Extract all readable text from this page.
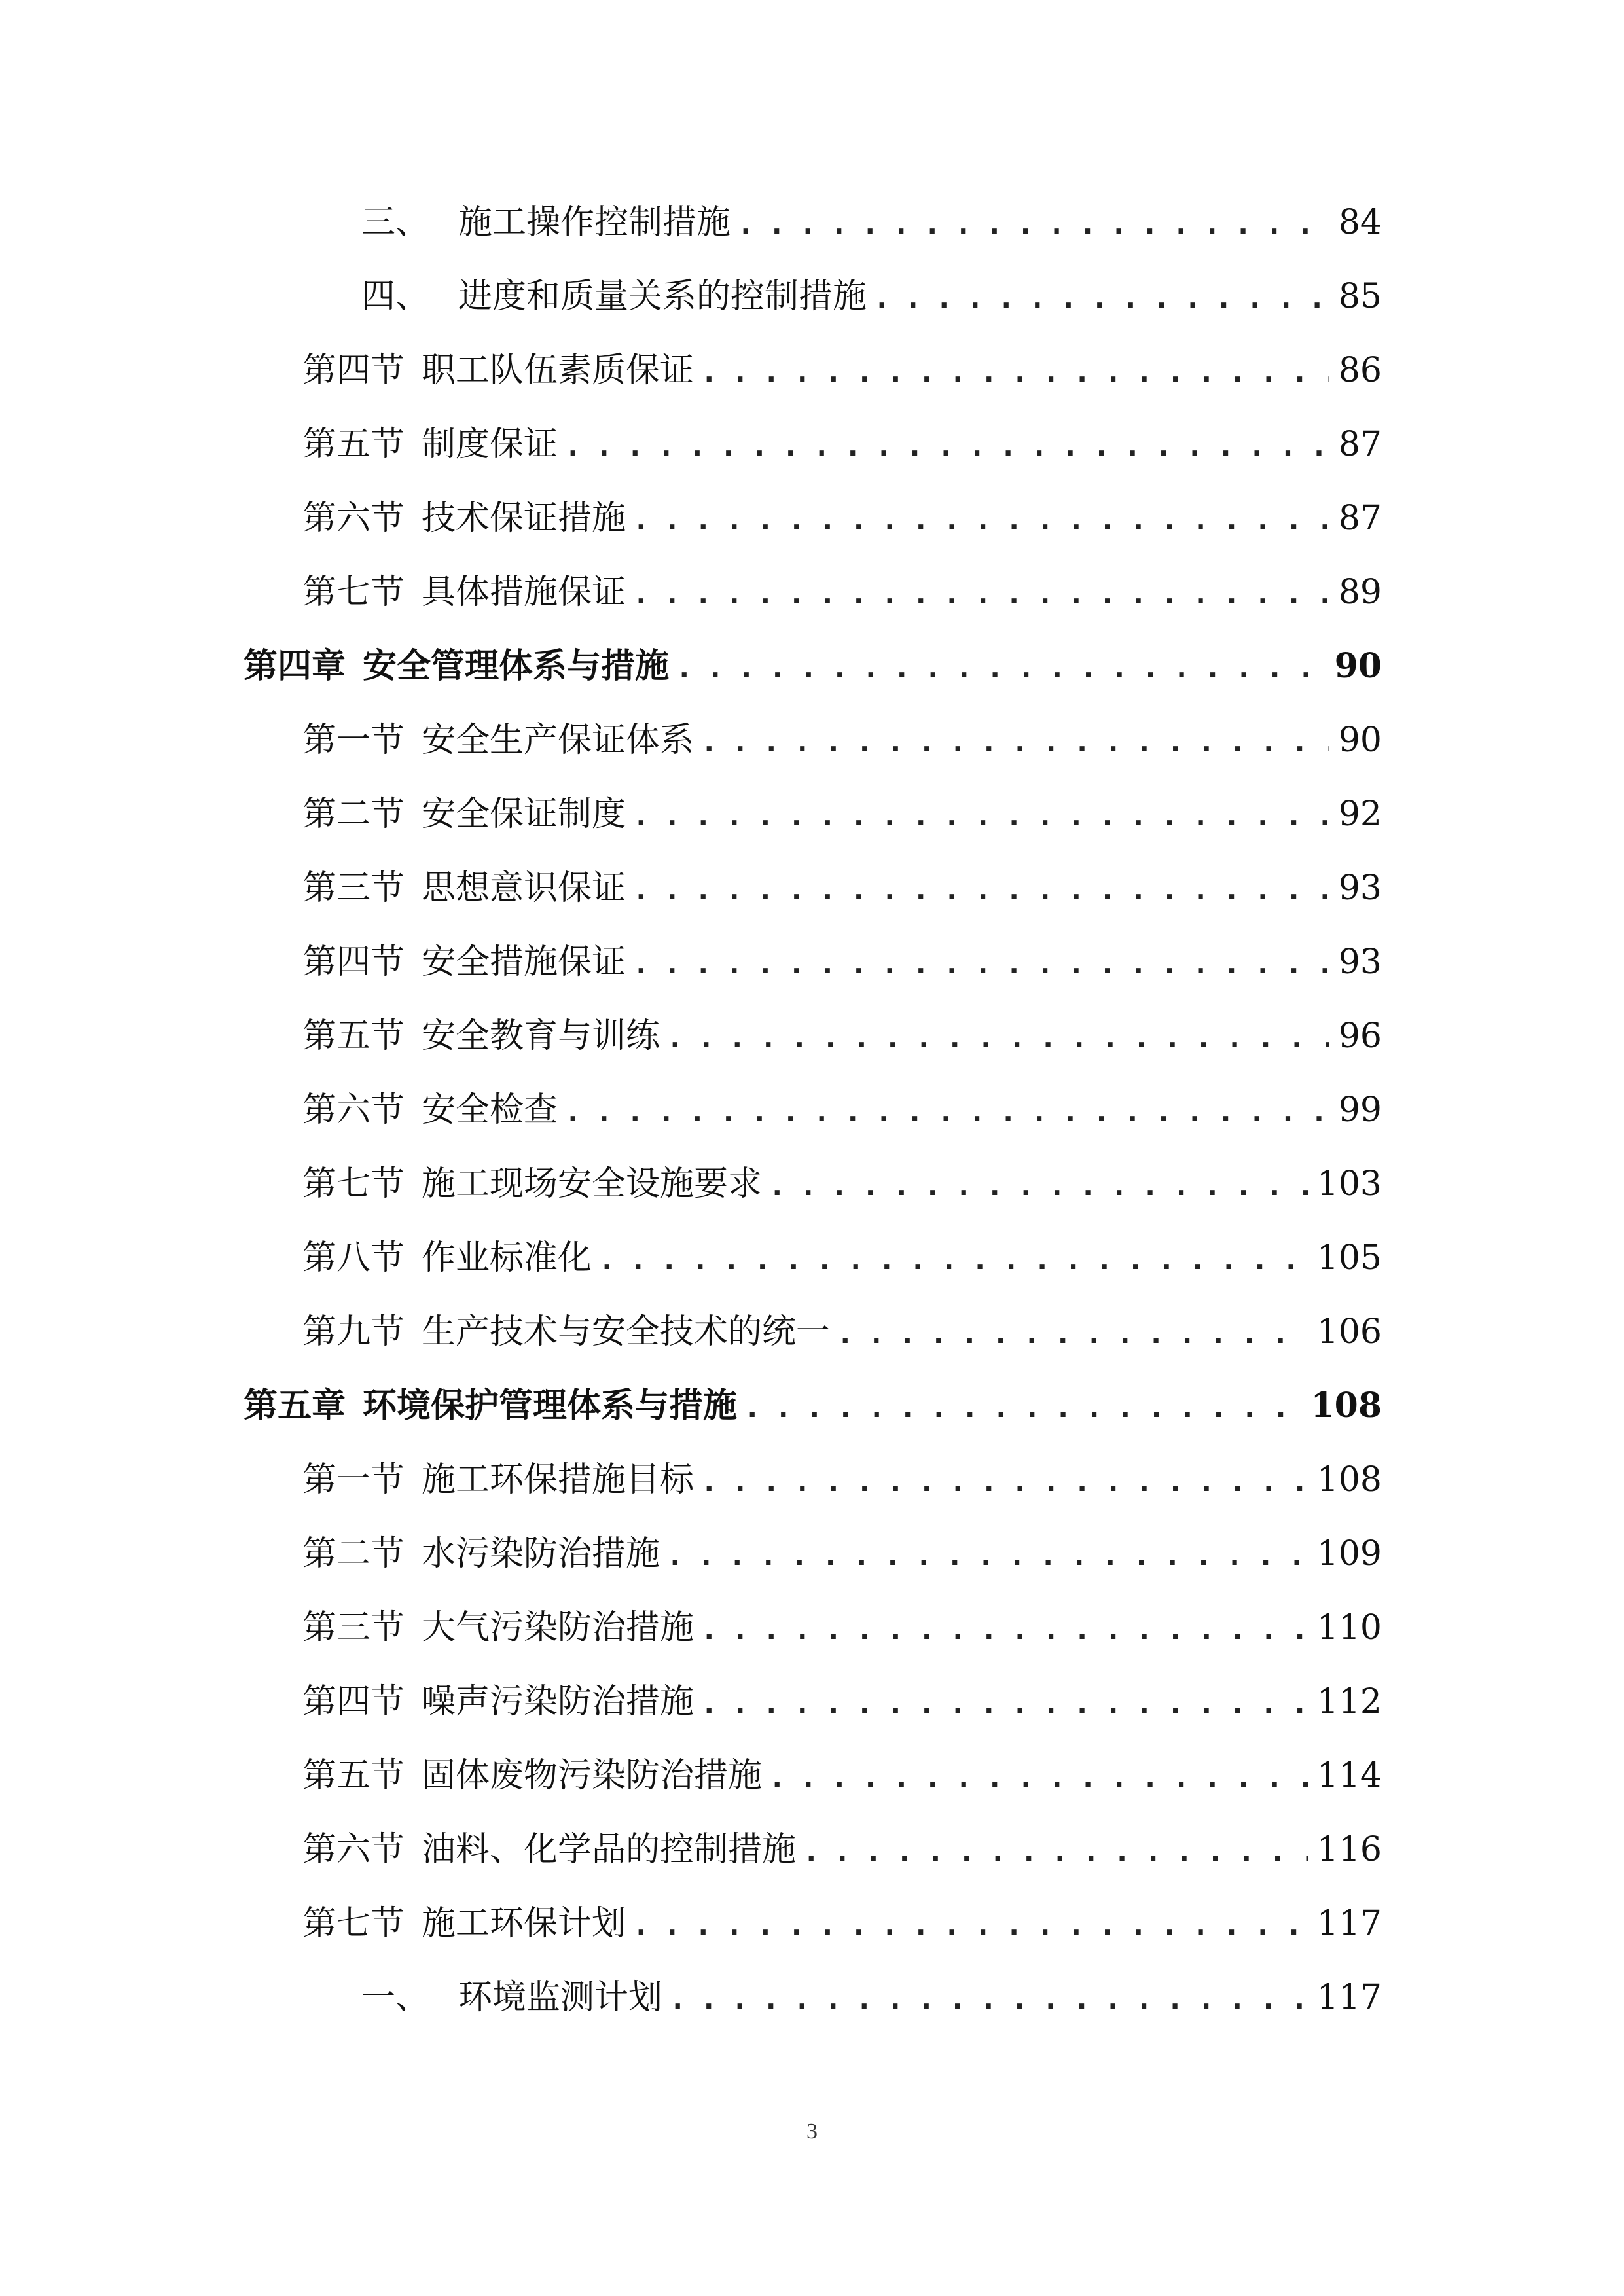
三、 施工操作控制措施 .....	84
四、 进度和质量关系的控制措施 .....	85
第四节 职工队伍素质保证 .....	86
第五节 制度保证 .....	87
第六节 技术保证措施 .....	87
第七节 具体措施保证 .....	89
第四章 安全管理体系与措施 .....	90
第一节 安全生产保证体系 .....	90
第二节 安全保证制度 .....	92
第三节 思想意识保证 .....	93
第四节 安全措施保证 .....	93
第五节 安全教育与训练 .....	96
第六节 安全检查 .....	99
第七节 施工现场安全设施要求 .....	103
第八节 作业标准化 .....	105
第九节 生产技术与安全技术的统一 .....	106
第五章 环境保护管理体系与措施 .....	108
第一节 施工环保措施目标 .....	108
第二节 水污染防治措施 .....	109
第三节 大气污染防治措施 .....	110
第四节 噪声污染防治措施 .....	112
第五节 固体废物污染防治措施 .....	114
第六节 油料、化学品的控制措施 .....	116
第七节 施工环保计划 .....	117
一、 环境监测计划 .....	117
3
